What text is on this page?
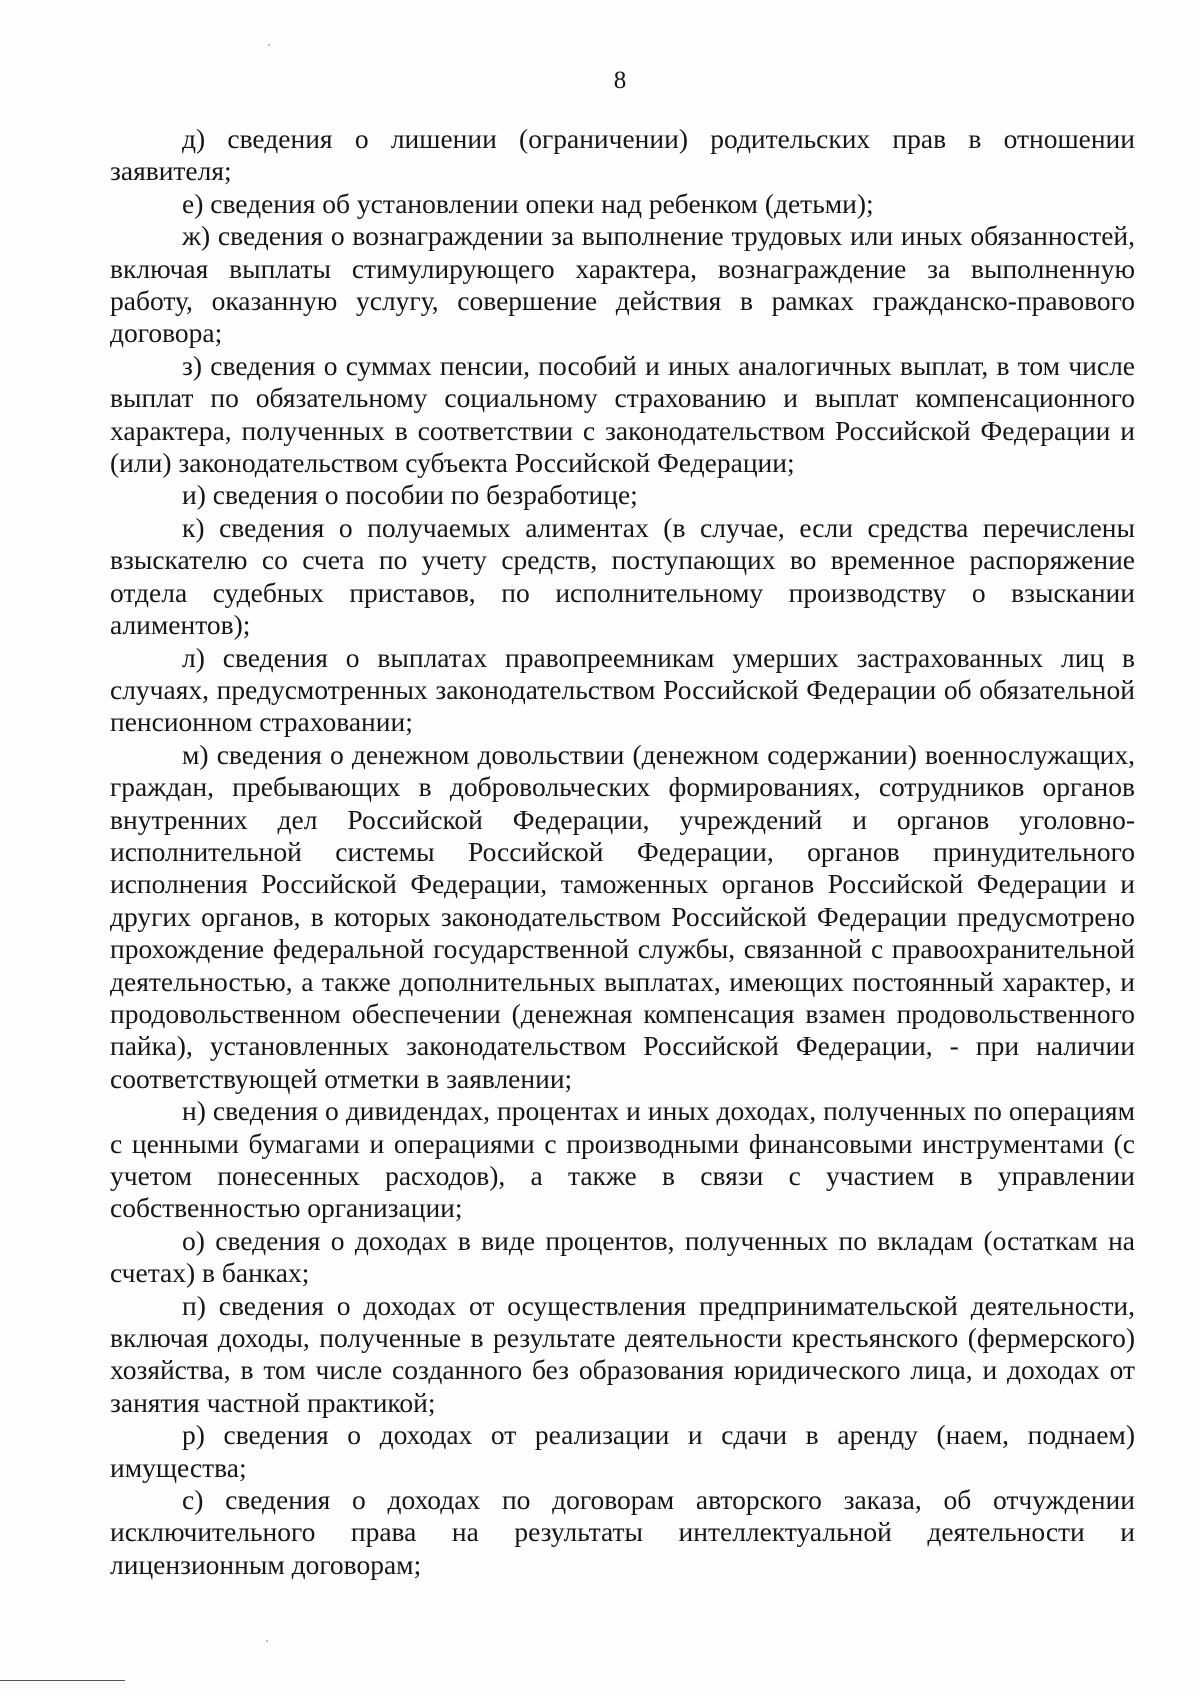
8

д) сведения о лишении (ограничении) родительских прав в отношении заявителя;

е) сведения об установлении опеки над ребенком (детьми);

ж) сведения о вознаграждении за выполнение трудовых или иных обязанностей, включая выплаты стимулирующего характера, вознаграждение за выполненную работу, оказанную услугу, совершение действия в рамках гражданско-правового договора;

з) сведения о суммах пенсии, пособий и иных аналогичных выплат, в том числе выплат по обязательному социальному страхованию и выплат компенсационного характера, полученных в соответствии с законодательством Российской Федерации и (или) законодательством субъекта Российской Федерации;

и) сведения о пособии по безработице;

к) сведения о получаемых алиментах (в случае, если средства перечислены взыскателю со счета по учету средств, поступающих во временное распоряжение отдела судебных приставов, по исполнительному производству о взыскании алиментов);

л) сведения о выплатах правопреемникам умерших застрахованных лиц в случаях, предусмотренных законодательством Российской Федерации об обязательной пенсионном страховании;

м) сведения о денежном довольствии (денежном содержании) военнослужащих, граждан, пребывающих в добровольческих формированиях, сотрудников органов внутренних дел Российской Федерации, учреждений и органов уголовно-исполнительной системы Российской Федерации, органов принудительного исполнения Российской Федерации, таможенных органов Российской Федерации и других органов, в которых законодательством Российской Федерации предусмотрено прохождение федеральной государственной службы, связанной с правоохранительной деятельностью, а также дополнительных выплатах, имеющих постоянный характер, и продовольственном обеспечении (денежная компенсация взамен продовольственного пайка), установленных законодательством Российской Федерации, - при наличии соответствующей отметки в заявлении;

н) сведения о дивидендах, процентах и иных доходах, полученных по операциям с ценными бумагами и операциями с производными финансовыми инструментами (с учетом понесенных расходов), а также в связи с участием в управлении собственностью организации;

о) сведения о доходах в виде процентов, полученных по вкладам (остаткам на счетах) в банках;

п) сведения о доходах от осуществления предпринимательской деятельности, включая доходы, полученные в результате деятельности крестьянского (фермерского) хозяйства, в том числе созданного без образования юридического лица, и доходах от занятия частной практикой;

р) сведения о доходах от реализации и сдачи в аренду (наем, поднаем) имущества;

с) сведения о доходах по договорам авторского заказа, об отчуждении исключительного права на результаты интеллектуальной деятельности и лицензионным договорам;
